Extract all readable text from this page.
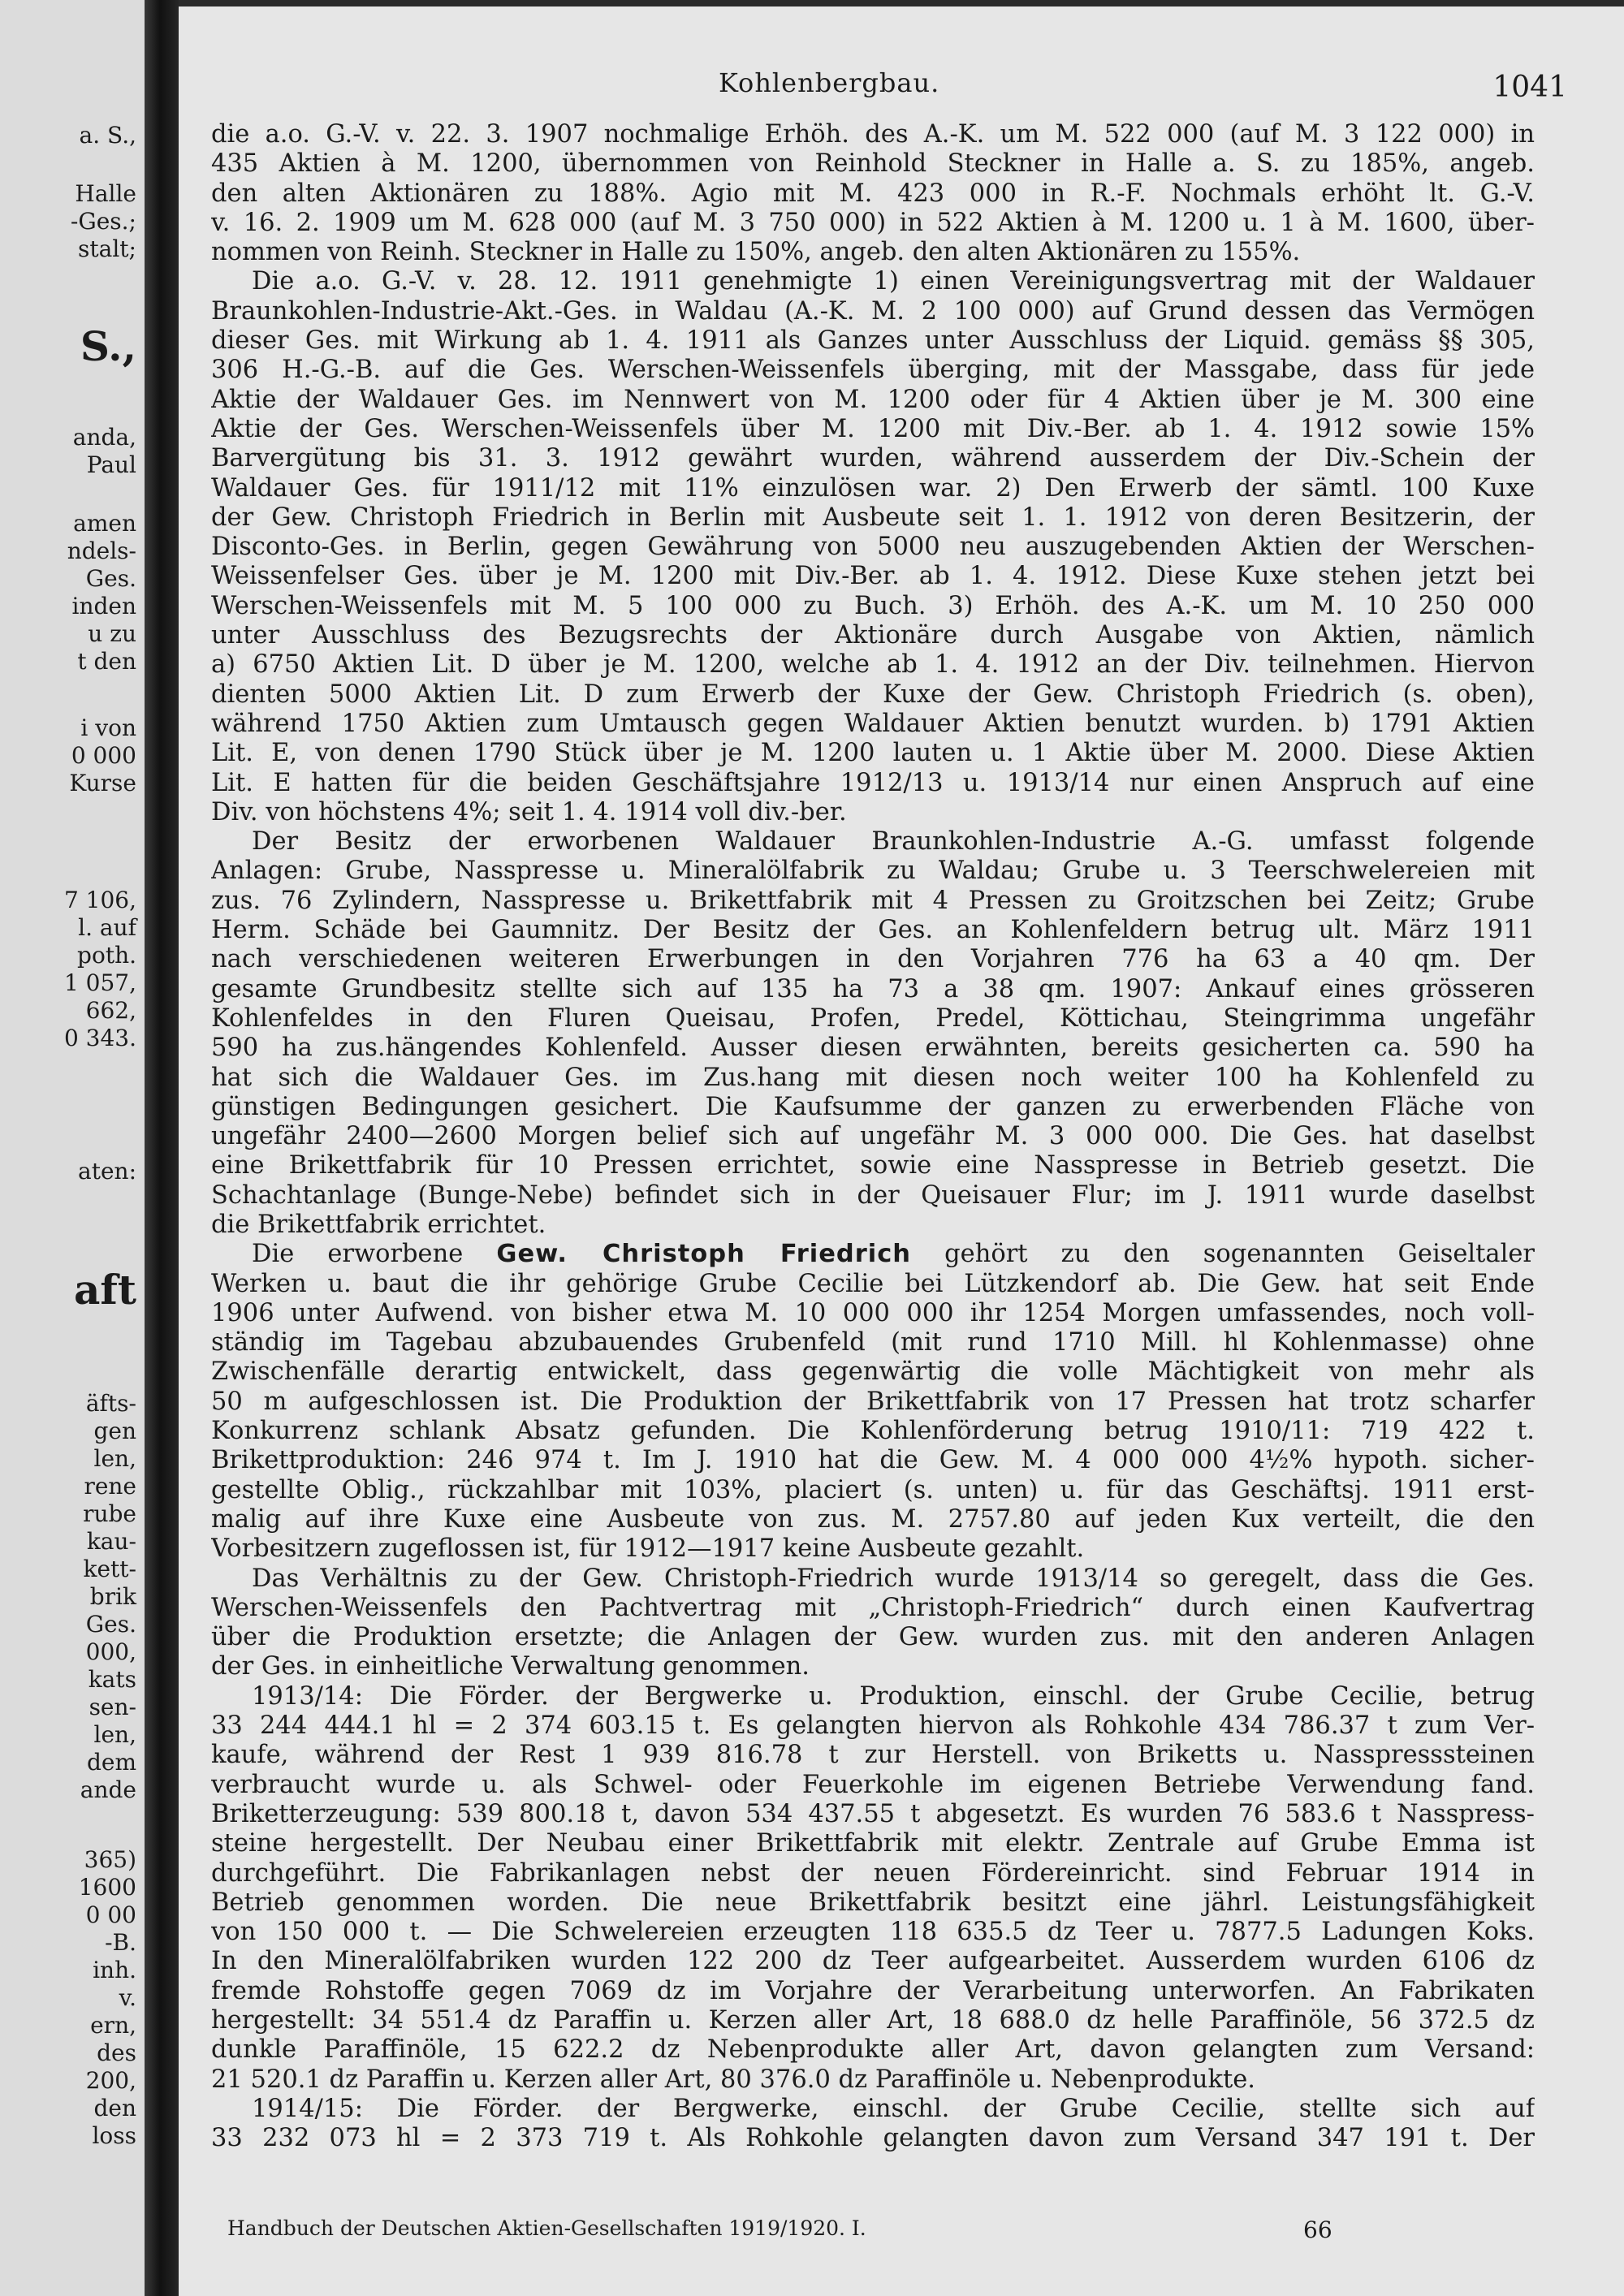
a. S.,
Halle
-Ges.;
stalt;
S.,
anda,
Paul
amen
ndels-
Ges.
inden
u zu
t den
i von
0 000
Kurse
7 106,
l. auf
poth.
1 057,
662,
0 343.
aten:
aft
äfts-
gen
len,
rene
rube
kau-
kett-
brik
Ges.
000,
kats
sen-
len,
dem
ande
365)
1600
0 00
-B.
inh.
v.
ern,
des
200,
den
loss
Kohlenbergbau.	1041
die a.o. G.-V. v. 22. 3. 1907 nochmalige Erhöh. des A.-K. um M. 522 000 (auf M. 3 122 000) in
435 Aktien à M. 1200, übernommen von Reinhold Steckner in Halle a. S. zu 185%, angeb.
den alten Aktionären zu 188%. Agio mit M. 423 000 in R.-F. Nochmals erhöht lt. G.-V.
v. 16. 2. 1909 um M. 628 000 (auf M. 3 750 000) in 522 Aktien à M. 1200 u. 1 à M. 1600, über-
nommen von Reinh. Steckner in Halle zu 150%, angeb. den alten Aktionären zu 155%.
Die a.o. G.-V. v. 28. 12. 1911 genehmigte 1) einen Vereinigungsvertrag mit der Waldauer
Braunkohlen-Industrie-Akt.-Ges. in Waldau (A.-K. M. 2 100 000) auf Grund dessen das Vermögen
dieser Ges. mit Wirkung ab 1. 4. 1911 als Ganzes unter Ausschluss der Liquid. gemäss §§ 305,
306 H.-G.-B. auf die Ges. Werschen-Weissenfels überging, mit der Massgabe, dass für jede
Aktie der Waldauer Ges. im Nennwert von M. 1200 oder für 4 Aktien über je M. 300 eine
Aktie der Ges. Werschen-Weissenfels über M. 1200 mit Div.-Ber. ab 1. 4. 1912 sowie 15%
Barvergütung bis 31. 3. 1912 gewährt wurden, während ausserdem der Div.-Schein der
Waldauer Ges. für 1911/12 mit 11% einzulösen war. 2) Den Erwerb der sämtl. 100 Kuxe
der Gew. Christoph Friedrich in Berlin mit Ausbeute seit 1. 1. 1912 von deren Besitzerin, der
Disconto-Ges. in Berlin, gegen Gewährung von 5000 neu auszugebenden Aktien der Werschen-
Weissenfelser Ges. über je M. 1200 mit Div.-Ber. ab 1. 4. 1912. Diese Kuxe stehen jetzt bei
Werschen-Weissenfels mit M. 5 100 000 zu Buch. 3) Erhöh. des A.-K. um M. 10 250 000
unter Ausschluss des Bezugsrechts der Aktionäre durch Ausgabe von Aktien, nämlich
a) 6750 Aktien Lit. D über je M. 1200, welche ab 1. 4. 1912 an der Div. teilnehmen. Hiervon
dienten 5000 Aktien Lit. D zum Erwerb der Kuxe der Gew. Christoph Friedrich (s. oben),
während 1750 Aktien zum Umtausch gegen Waldauer Aktien benutzt wurden. b) 1791 Aktien
Lit. E, von denen 1790 Stück über je M. 1200 lauten u. 1 Aktie über M. 2000. Diese Aktien
Lit. E hatten für die beiden Geschäftsjahre 1912/13 u. 1913/14 nur einen Anspruch auf eine
Div. von höchstens 4%; seit 1. 4. 1914 voll div.-ber.
Der Besitz der erworbenen Waldauer Braunkohlen-Industrie A.-G. umfasst folgende
Anlagen: Grube, Nasspresse u. Mineralölfabrik zu Waldau; Grube u. 3 Teerschwelereien mit
zus. 76 Zylindern, Nasspresse u. Brikettfabrik mit 4 Pressen zu Groitzschen bei Zeitz; Grube
Herm. Schäde bei Gaumnitz. Der Besitz der Ges. an Kohlenfeldern betrug ult. März 1911
nach verschiedenen weiteren Erwerbungen in den Vorjahren 776 ha 63 a 40 qm. Der
gesamte Grundbesitz stellte sich auf 135 ha 73 a 38 qm. 1907: Ankauf eines grösseren
Kohlenfeldes in den Fluren Queisau, Profen, Predel, Köttichau, Steingrimma ungefähr
590 ha zus.hängendes Kohlenfeld. Ausser diesen erwähnten, bereits gesicherten ca. 590 ha
hat sich die Waldauer Ges. im Zus.hang mit diesen noch weiter 100 ha Kohlenfeld zu
günstigen Bedingungen gesichert. Die Kaufsumme der ganzen zu erwerbenden Fläche von
ungefähr 2400—2600 Morgen belief sich auf ungefähr M. 3 000 000. Die Ges. hat daselbst
eine Brikettfabrik für 10 Pressen errichtet, sowie eine Nasspresse in Betrieb gesetzt. Die
Schachtanlage (Bunge-Nebe) befindet sich in der Queisauer Flur; im J. 1911 wurde daselbst
die Brikettfabrik errichtet.
Die erworbene Gew. Christoph Friedrich gehört zu den sogenannten Geiseltaler
Werken u. baut die ihr gehörige Grube Cecilie bei Lützkendorf ab. Die Gew. hat seit Ende
1906 unter Aufwend. von bisher etwa M. 10 000 000 ihr 1254 Morgen umfassendes, noch voll-
ständig im Tagebau abzubauendes Grubenfeld (mit rund 1710 Mill. hl Kohlenmasse) ohne
Zwischenfälle derartig entwickelt, dass gegenwärtig die volle Mächtigkeit von mehr als
50 m aufgeschlossen ist. Die Produktion der Brikettfabrik von 17 Pressen hat trotz scharfer
Konkurrenz schlank Absatz gefunden. Die Kohlenförderung betrug 1910/11: 719 422 t.
Brikettproduktion: 246 974 t. Im J. 1910 hat die Gew. M. 4 000 000 4½% hypoth. sicher-
gestellte Oblig., rückzahlbar mit 103%, placiert (s. unten) u. für das Geschäftsj. 1911 erst-
malig auf ihre Kuxe eine Ausbeute von zus. M. 2757.80 auf jeden Kux verteilt, die den
Vorbesitzern zugeflossen ist, für 1912—1917 keine Ausbeute gezahlt.
Das Verhältnis zu der Gew. Christoph-Friedrich wurde 1913/14 so geregelt, dass die Ges.
Werschen-Weissenfels den Pachtvertrag mit „Christoph-Friedrich“ durch einen Kaufvertrag
über die Produktion ersetzte; die Anlagen der Gew. wurden zus. mit den anderen Anlagen
der Ges. in einheitliche Verwaltung genommen.
1913/14: Die Förder. der Bergwerke u. Produktion, einschl. der Grube Cecilie, betrug
33 244 444.1 hl = 2 374 603.15 t. Es gelangten hiervon als Rohkohle 434 786.37 t zum Ver-
kaufe, während der Rest 1 939 816.78 t zur Herstell. von Briketts u. Nasspresssteinen
verbraucht wurde u. als Schwel- oder Feuerkohle im eigenen Betriebe Verwendung fand.
Briketterzeugung: 539 800.18 t, davon 534 437.55 t abgesetzt. Es wurden 76 583.6 t Nasspress-
steine hergestellt. Der Neubau einer Brikettfabrik mit elektr. Zentrale auf Grube Emma ist
durchgeführt. Die Fabrikanlagen nebst der neuen Fördereinricht. sind Februar 1914 in
Betrieb genommen worden. Die neue Brikettfabrik besitzt eine jährl. Leistungsfähigkeit
von 150 000 t. — Die Schwelereien erzeugten 118 635.5 dz Teer u. 7877.5 Ladungen Koks.
In den Mineralölfabriken wurden 122 200 dz Teer aufgearbeitet. Ausserdem wurden 6106 dz
fremde Rohstoffe gegen 7069 dz im Vorjahre der Verarbeitung unterworfen. An Fabrikaten
hergestellt: 34 551.4 dz Paraffin u. Kerzen aller Art, 18 688.0 dz helle Paraffinöle, 56 372.5 dz
dunkle Paraffinöle, 15 622.2 dz Nebenprodukte aller Art, davon gelangten zum Versand:
21 520.1 dz Paraffin u. Kerzen aller Art, 80 376.0 dz Paraffinöle u. Nebenprodukte.
1914/15: Die Förder. der Bergwerke, einschl. der Grube Cecilie, stellte sich auf
33 232 073 hl = 2 373 719 t. Als Rohkohle gelangten davon zum Versand 347 191 t. Der
Handbuch der Deutschen Aktien-Gesellschaften 1919/1920. I.	66
